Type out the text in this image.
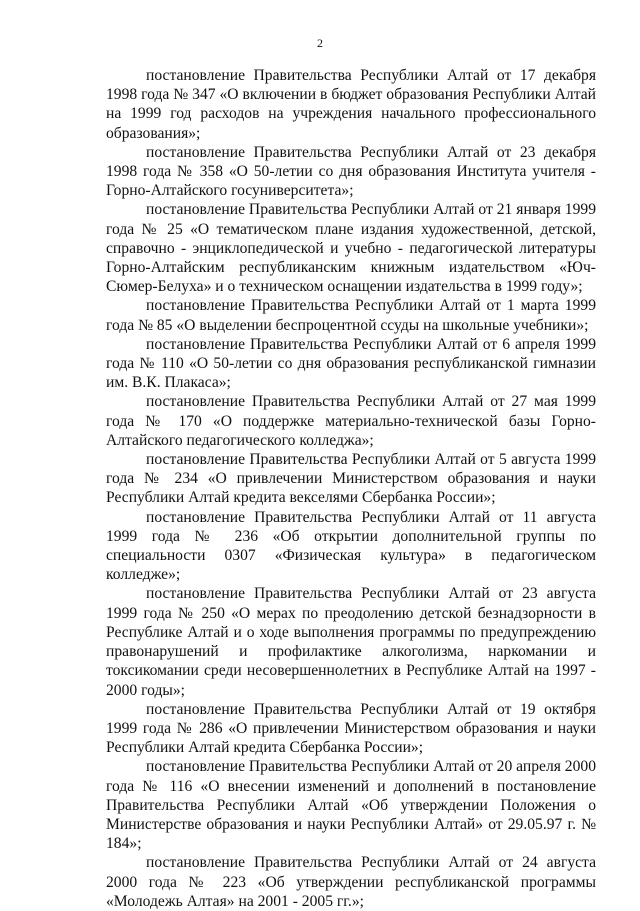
2

постановление Правительства Республики Алтай от 17 декабря 1998 года № 347 «О включении в бюджет образования Республики Алтай на 1999 год расходов на учреждения начального профессионального образования»;

постановление Правительства Республики Алтай от 23 декабря 1998 года № 358 «О 50-летии со дня образования Института учителя - Горно-Алтайского госуниверситета»;

постановление Правительства Республики Алтай от 21 января 1999 года № 25 «О тематическом плане издания художественной, детской, справочно - энциклопедической и учебно - педагогической литературы Горно-Алтайским республиканским книжным издательством «Юч-Сюмер-Белуха» и о техническом оснащении издательства в 1999 году»;

постановление Правительства Республики Алтай от 1 марта 1999 года № 85 «О выделении беспроцентной ссуды на школьные учебники»;

постановление Правительства Республики Алтай от 6 апреля 1999 года № 110 «О 50-летии со дня образования республиканской гимназии им. В.К. Плакаса»;

постановление Правительства Республики Алтай от 27 мая 1999 года № 170 «О поддержке материально-технической базы Горно-Алтайского педагогического колледжа»;

постановление Правительства Республики Алтай от 5 августа 1999 года № 234 «О привлечении Министерством образования и науки Республики Алтай кредита векселями Сбербанка России»;

постановление Правительства Республики Алтай от 11 августа 1999 года № 236 «Об открытии дополнительной группы по специальности 0307 «Физическая культура» в педагогическом колледже»;

постановление Правительства Республики Алтай от 23 августа 1999 года № 250 «О мерах по преодолению детской безнадзорности в Республике Алтай и о ходе выполнения программы по предупреждению правонарушений и профилактике алкоголизма, наркомании и токсикомании среди несовершеннолетних в Республике Алтай на 1997 - 2000 годы»;

постановление Правительства Республики Алтай от 19 октября 1999 года № 286 «О привлечении Министерством образования и науки Республики Алтай кредита Сбербанка России»;

постановление Правительства Республики Алтай от 20 апреля 2000 года № 116 «О внесении изменений и дополнений в постановление Правительства Республики Алтай «Об утверждении Положения о Министерстве образования и науки Республики Алтай» от 29.05.97 г. № 184»;

постановление Правительства Республики Алтай от 24 августа 2000 года № 223 «Об утверждении республиканской программы «Молодежь Алтая» на 2001 - 2005 гг.»;
